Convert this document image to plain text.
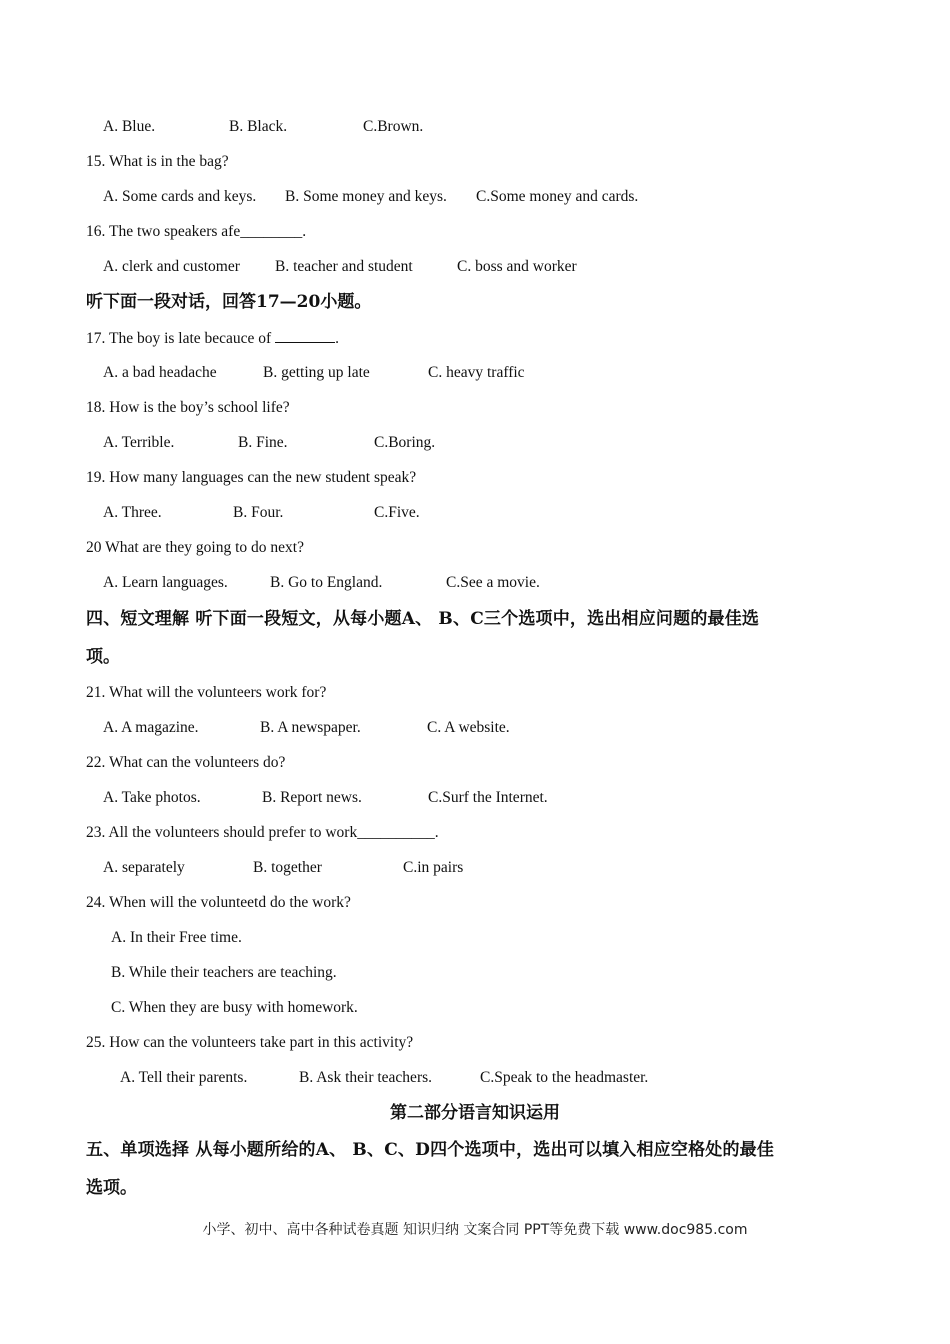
A. Blue.	B. Black.	C.Brown.
15. What is in the bag?
A. Some cards and keys. B. Some money and keys. C.Some money and cards.
16. The two speakers afe________.
A. clerk and customer B. teacher and student	C. boss and worker
听下面一段对话，回答17—20小题。
17. The boy is late becauce of	.
A. a bad headache	B. getting up late	C. heavy traffic
18. How is the boy’s school life?
A. Terrible.	B. Fine.	C.Boring.
19. How many languages can the new student speak?
A. Three.	B. Four.	C.Five.
20 What are they going to do next?
A. Learn languages.	B. Go to England.	C.See a movie.
四、短文理解 听下面一段短文，从每小题A、 B、C三个选项中，选出相应问题的最佳选
项。
21. What will the volunteers work for?
A. A magazine.	B. A newspaper.	C. A website.
22. What can the volunteers do?
A. Take photos.	B. Report news.	C.Surf the Internet.
23. All the volunteers should prefer to work__________.
A. separately	B. together	C.in pairs
24. When will the volunteetd do the work?
A. In their Free time.
B. While their teachers are teaching.
C. When they are busy with homework.
25. How can the volunteers take part in this activity?
A. Tell their parents.	B. Ask their teachers.	C.Speak to the headmaster.
第二部分语言知识运用
五、单项选择 从每小题所给的A、 B、C、D四个选项中，选出可以填入相应空格处的最佳
选项。
小学、初中、高中各种试卷真题 知识归纳 文案合同 PPT等免费下载 www.doc985.com
